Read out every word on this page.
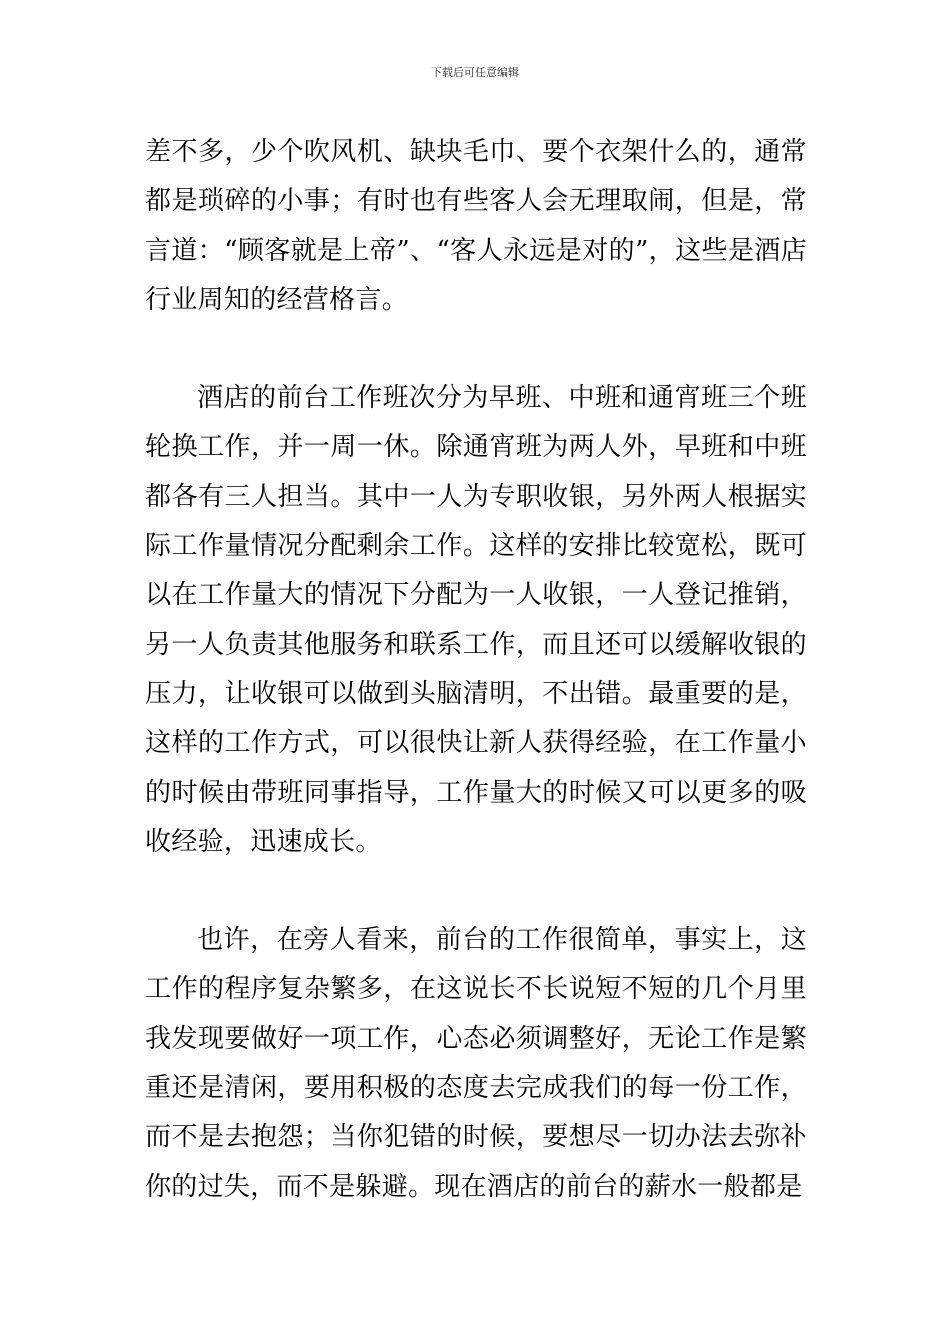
下载后可任意编辑

差不多，少个吹风机、缺块毛巾、要个衣架什么的，通常都是琐碎的小事；有时也有些客人会无理取闹，但是，常言道：“顾客就是上帝”、“客人永远是对的”，这些是酒店行业周知的经营格言。

酒店的前台工作班次分为早班、中班和通宵班三个班轮换工作，并一周一休。除通宵班为两人外，早班和中班都各有三人担当。其中一人为专职收银，另外两人根据实际工作量情况分配剩余工作。这样的安排比较宽松，既可以在工作量大的情况下分配为一人收银，一人登记推销，另一人负责其他服务和联系工作，而且还可以缓解收银的压力，让收银可以做到头脑清明，不出错。最重要的是，这样的工作方式，可以很快让新人获得经验，在工作量小的时候由带班同事指导，工作量大的时候又可以更多的吸收经验，迅速成长。

也许，在旁人看来，前台的工作很简单，事实上，这工作的程序复杂繁多，在这说长不长说短不短的几个月里我发现要做好一项工作，心态必须调整好，无论工作是繁重还是清闲，要用积极的态度去完成我们的每一份工作，而不是去抱怨；当你犯错的时候，要想尽一切办法去弥补你的过失，而不是躲避。现在酒店的前台的薪水一般都是
